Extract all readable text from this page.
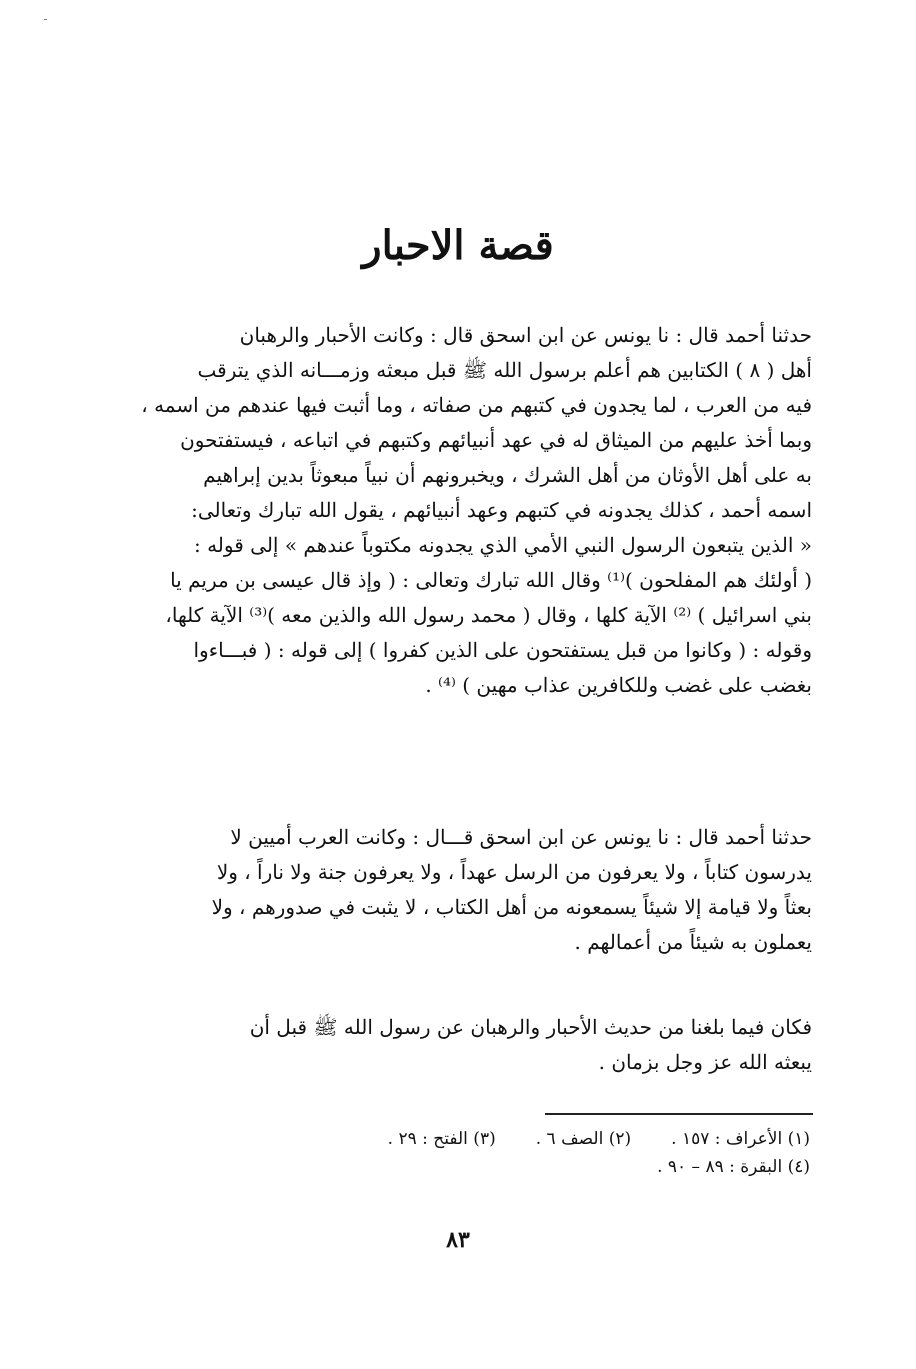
ـ
قصة الاحبار
حدثنا أحمد قال : نا يونس عن ابن اسحق قال : وكانت الأحبار والرهبان
أهل ( ٨ ) الكتابين هم أعلم برسول الله ﷺ قبل مبعثه وزمـــانه الذي يترقب
فيه من العرب ، لما يجدون في كتبهم من صفاته ، وما أثبت فيها عندهم من اسمه ،
وبما أخذ عليهم من الميثاق له في عهد أنبيائهم وكتبهم في اتباعه ، فيستفتحون
به على أهل الأوثان من أهل الشرك ، ويخبرونهم أن نبياً مبعوثاً بدين إبراهيم
اسمه أحمد ، كذلك يجدونه في كتبهم وعهد أنبيائهم ، يقول الله تبارك وتعالى:
« الذين يتبعون الرسول النبي الأمي الذي يجدونه مكتوباً عندهم » إلى قوله :
( أولئك هم المفلحون )⁽¹⁾ وقال الله تبارك وتعالى : ( وإذ قال عيسى بن مريم يا
بني اسرائيل ) ⁽²⁾ الآية كلها ، وقال ( محمد رسول الله والذين معه )⁽³⁾ الآية كلها،
وقوله : ( وكانوا من قبل يستفتحون على الذين كفروا ) إلى قوله : ( فبـــاءوا
بغضب على غضب وللكافرين عذاب مهين ) ⁽⁴⁾ .
حدثنا أحمد قال : نا يونس عن ابن اسحق قـــال : وكانت العرب أميين لا
يدرسون كتاباً ، ولا يعرفون من الرسل عهداً ، ولا يعرفون جنة ولا ناراً ، ولا
بعثاً ولا قيامة إلا شيئاً يسمعونه من أهل الكتاب ، لا يثبت في صدورهم ، ولا
يعملون به شيئاً من أعمالهم .
فكان فيما بلغنا من حديث الأحبار والرهبان عن رسول الله ﷺ قبل أن
يبعثه الله عز وجل بزمان .
(١) الأعراف : ١٥٧ .
(٢) الصف ٦ .
(٣) الفتح : ٢٩ .
(٤) البقرة : ٨٩ – ٩٠ .
٨٣
